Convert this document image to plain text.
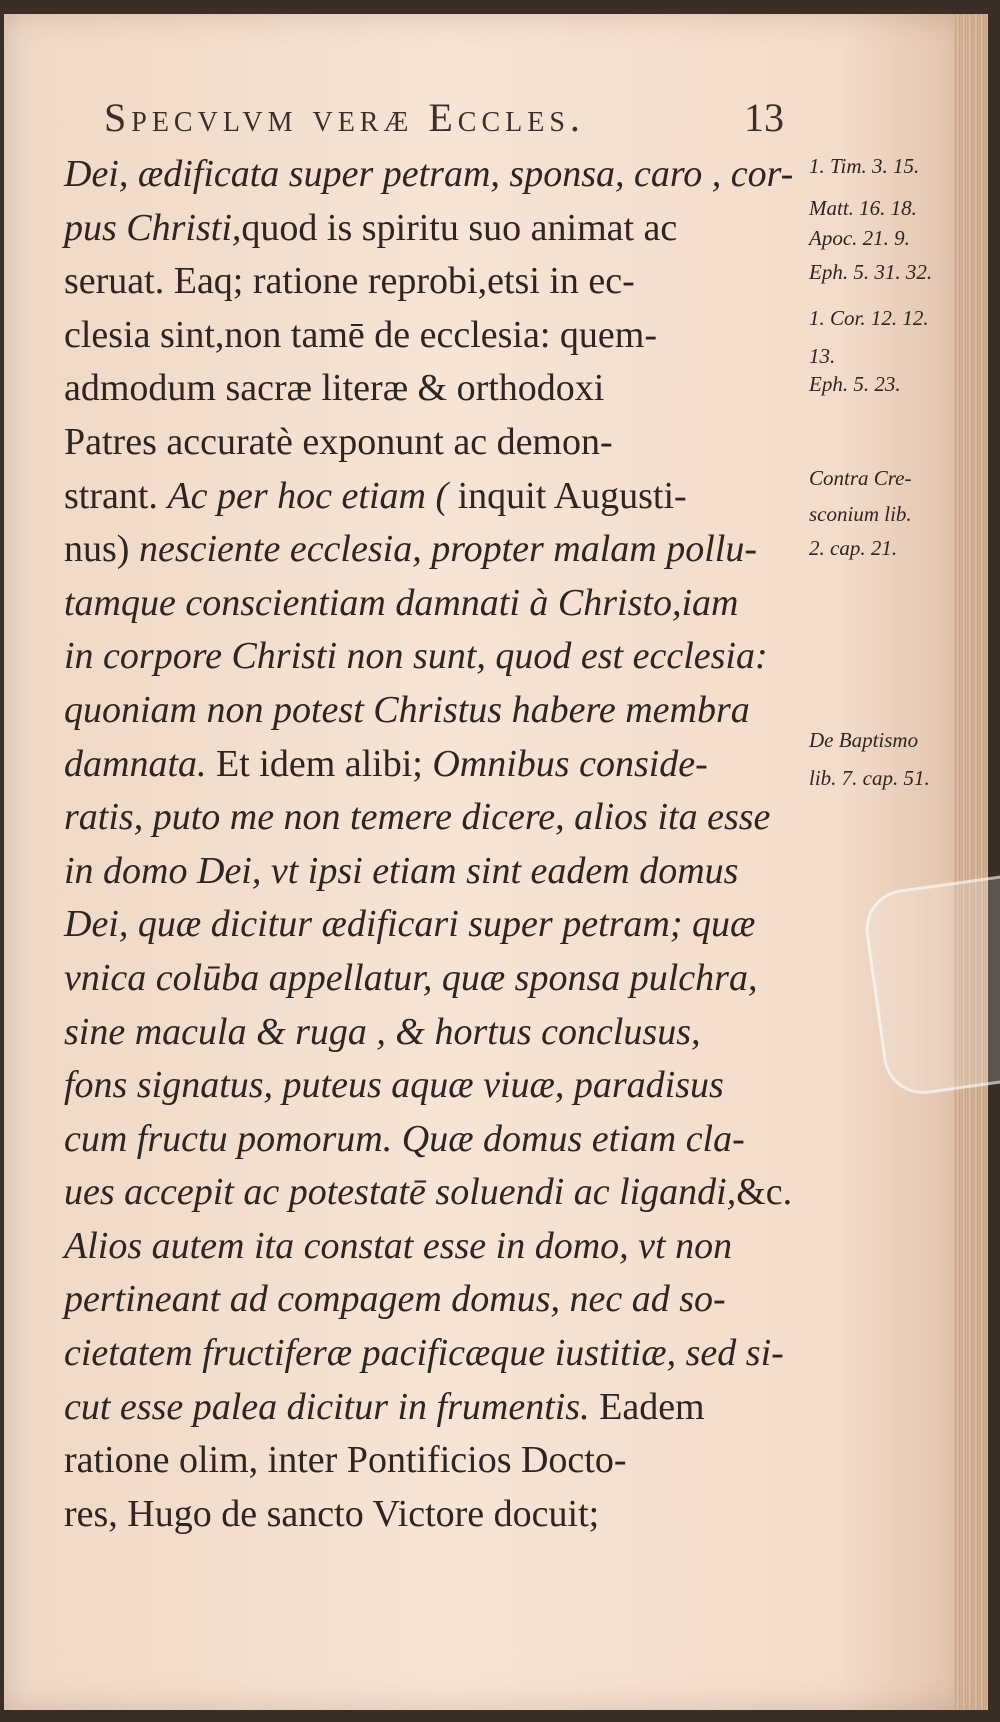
Specvlvm veræ Eccles.	13
Dei, ædificata super petram, sponsa, caro , cor-
pus Christi,quod is spiritu suo animat ac
seruat. Eaq; ratione reprobi,etsi in ec-
clesia sint,non tamē de ecclesia: quem-
admodum sacræ literæ & orthodoxi
Patres accuratè exponunt ac demon-
strant. Ac per hoc etiam ( inquit Augusti-
nus) nesciente ecclesia, propter malam pollu-
tamque conscientiam damnati à Christo,iam
in corpore Christi non sunt, quod est ecclesia:
quoniam non potest Christus habere membra
damnata. Et idem alibi; Omnibus conside-
ratis, puto me non temere dicere, alios ita esse
in domo Dei, vt ipsi etiam sint eadem domus
Dei, quæ dicitur ædificari super petram; quæ
vnica colūba appellatur, quæ sponsa pulchra,
sine macula & ruga , & hortus conclusus,
fons signatus, puteus aquæ viuæ, paradisus
cum fructu pomorum. Quæ domus etiam cla-
ues accepit ac potestatē soluendi ac ligandi,&c.
Alios autem ita constat esse in domo, vt non
pertineant ad compagem domus, nec ad so-
cietatem fructiferæ pacificæque iustitiæ, sed si-
cut esse palea dicitur in frumentis. Eadem
ratione olim, inter Pontificios Docto-
res, Hugo de sancto Victore docuit;
1. Tim. 3. 15.
Matt. 16. 18.
Apoc. 21. 9.
Eph. 5. 31. 32.
1. Cor. 12. 12.
13.
Eph. 5. 23.
Contra Cre-
sconium lib.
2. cap. 21.
De Baptismo
lib. 7. cap. 51.
